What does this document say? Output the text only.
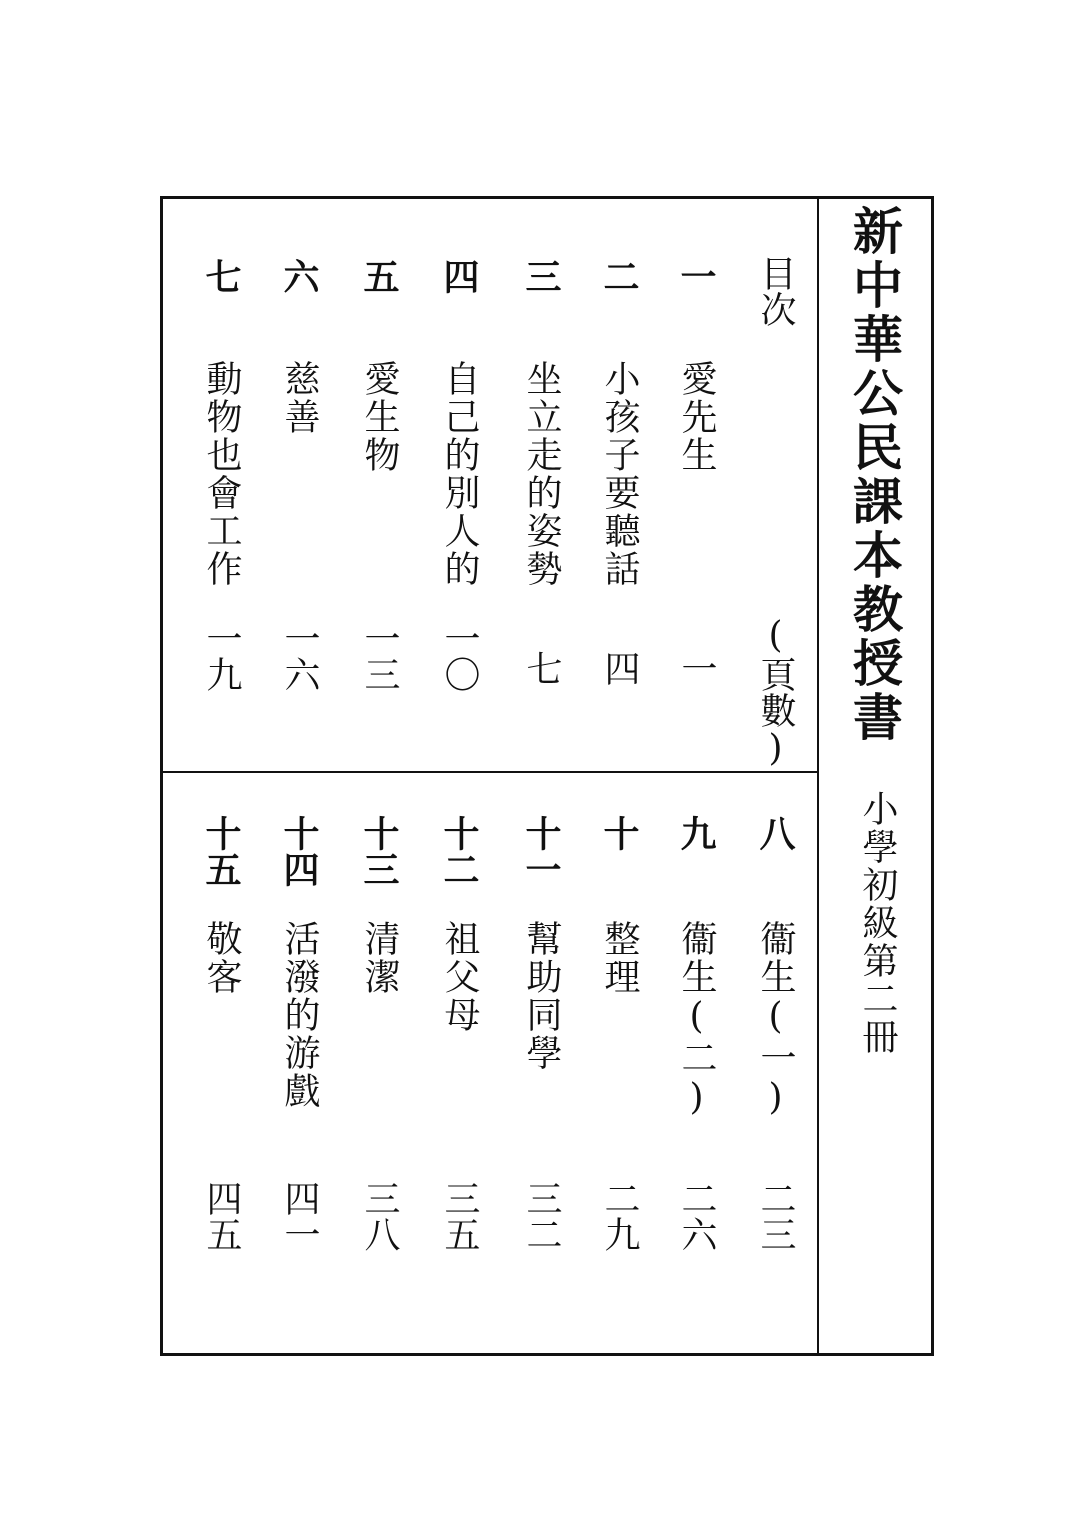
新中華公民課本教授書
小學初級第二冊
目次
(頁數)
一
愛先生
一
二
小孩子要聽話
四
三
坐立走的姿勢
七
四
自己的別人的
一〇
五
愛生物
一三
六
慈善
一六
七
動物也會工作
一九
八
衞生(一)
二三
九
衞生(二)
二六
十
整理
二九
十一
幫助同學
三二
十二
祖父母
三五
十三
清潔
三八
十四
活潑的游戲
四一
十五
敬客
四五
